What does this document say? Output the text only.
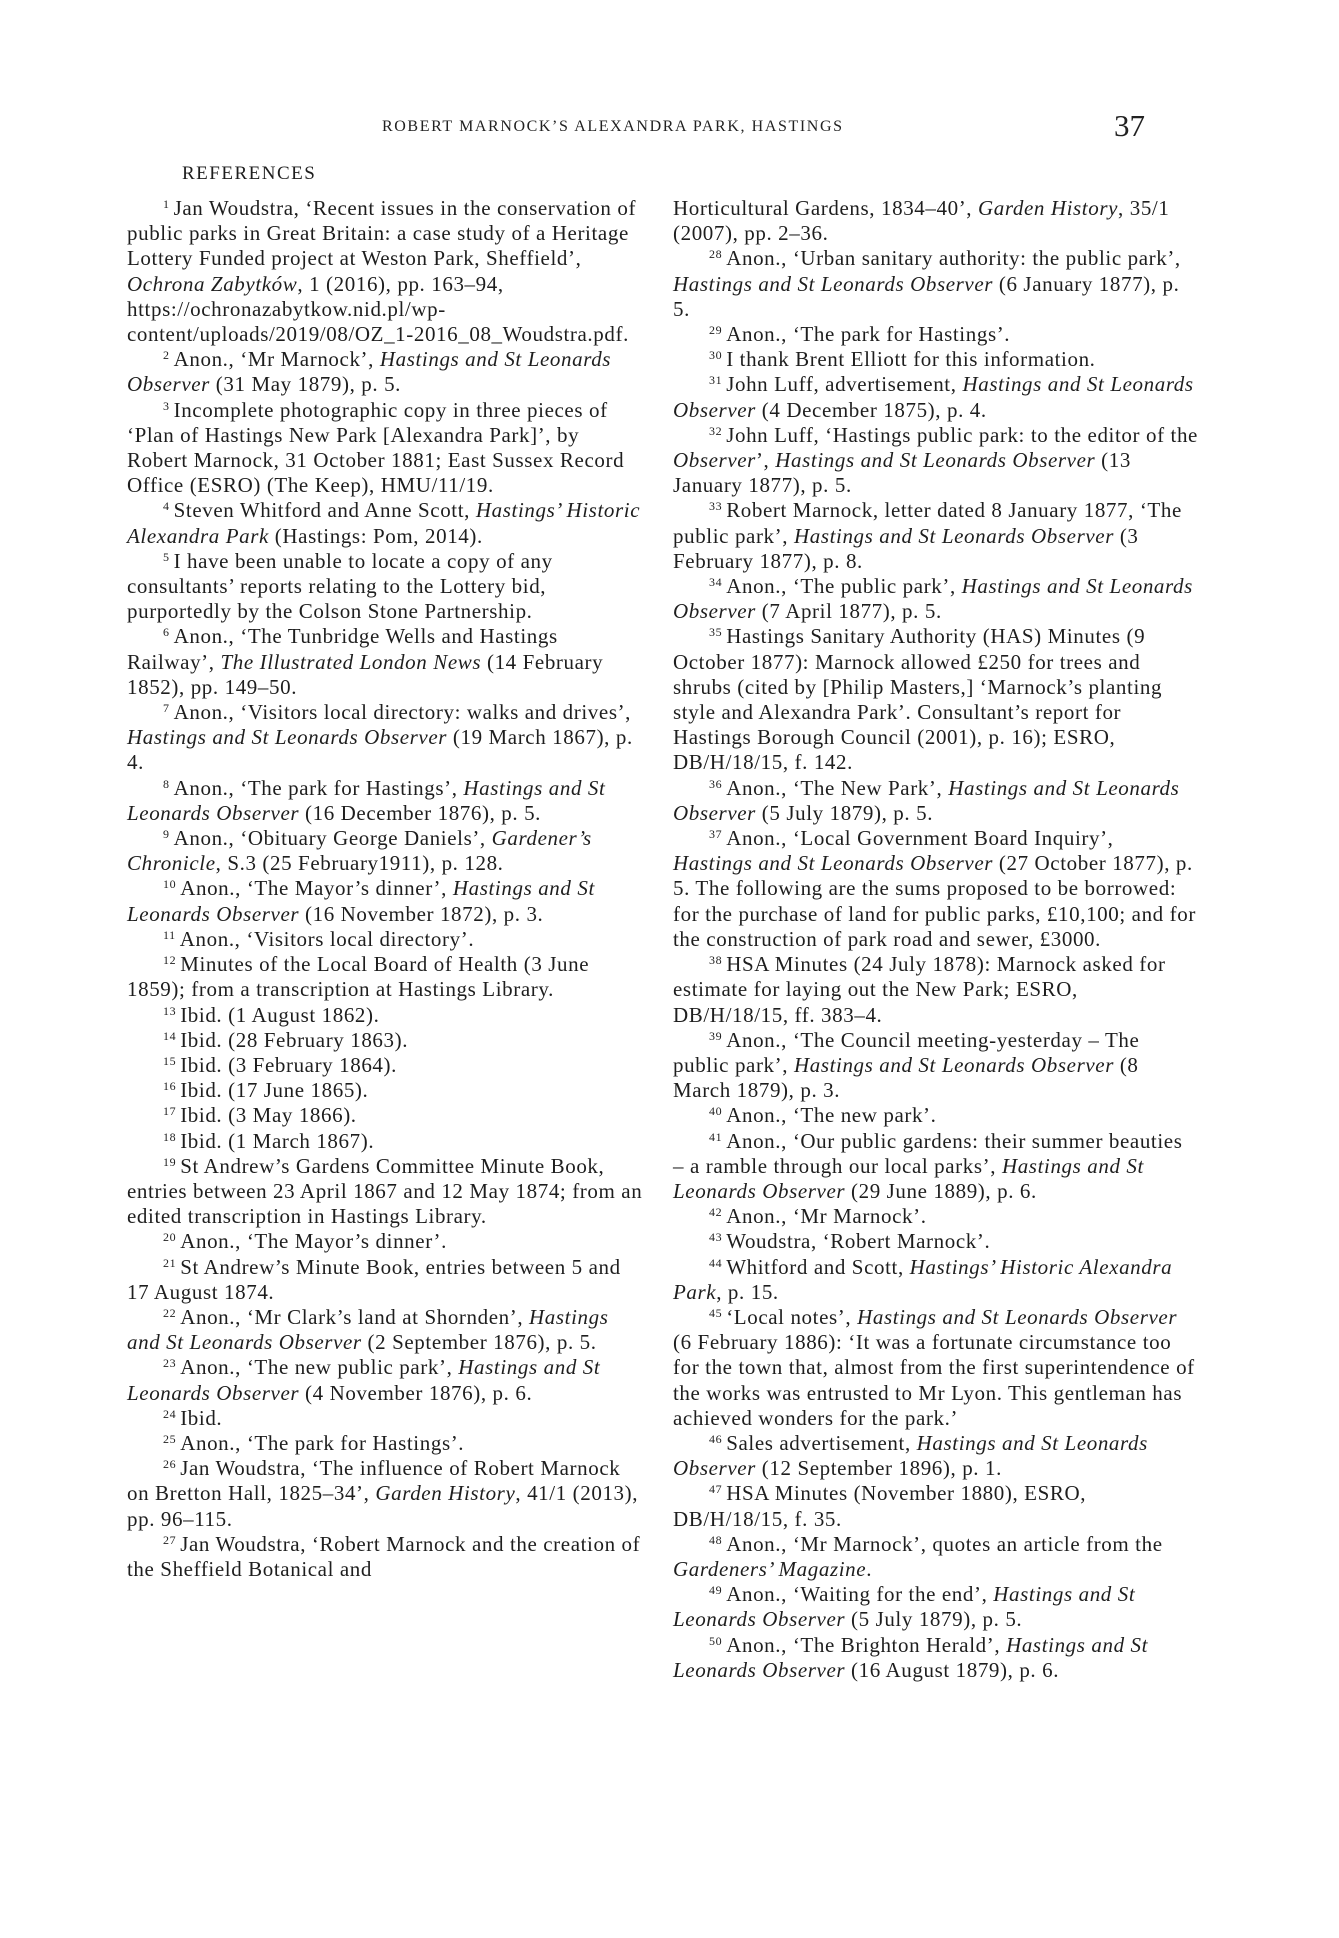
ROBERT MARNOCK’S ALEXANDRA PARK, HASTINGS	37
REFERENCES

$^1$ Jan Woudstra, ‘Recent issues in the conservation of public parks in Great Britain: a case study of a Heritage Lottery Funded project at Weston Park, Sheffield’, Ochrona Zabytków, 1 (2016), pp. 163–94, https://ochronazabytkow.nid.pl/wp-content/uploads/2019/08/OZ_1-2016_08_Woudstra.pdf.

$^2$ Anon., ‘Mr Marnock’, Hastings and St Leonards Observer (31 May 1879), p. 5.

$^3$ Incomplete photographic copy in three pieces of ‘Plan of Hastings New Park [Alexandra Park]’, by Robert Marnock, 31 October 1881; East Sussex Record Office (ESRO) (The Keep), HMU/11/19.

$^4$ Steven Whitford and Anne Scott, Hastings’ Historic Alexandra Park (Hastings: Pom, 2014).

$^5$ I have been unable to locate a copy of any consultants’ reports relating to the Lottery bid, purportedly by the Colson Stone Partnership.

$^6$ Anon., ‘The Tunbridge Wells and Hastings Railway’, The Illustrated London News (14 February 1852), pp. 149–50.

$^7$ Anon., ‘Visitors local directory: walks and drives’, Hastings and St Leonards Observer (19 March 1867), p. 4.

$^8$ Anon., ‘The park for Hastings’, Hastings and St Leonards Observer (16 December 1876), p. 5.

$^9$ Anon., ‘Obituary George Daniels’, Gardener’s Chronicle, S.3 (25 February1911), p. 128.

$^{10}$ Anon., ‘The Mayor’s dinner’, Hastings and St Leonards Observer (16 November 1872), p. 3.

$^{11}$ Anon., ‘Visitors local directory’.

$^{12}$ Minutes of the Local Board of Health (3 June 1859); from a transcription at Hastings Library.

$^{13}$ Ibid. (1 August 1862).

$^{14}$ Ibid. (28 February 1863).

$^{15}$ Ibid. (3 February 1864).

$^{16}$ Ibid. (17 June 1865).

$^{17}$ Ibid. (3 May 1866).

$^{18}$ Ibid. (1 March 1867).

$^{19}$ St Andrew’s Gardens Committee Minute Book, entries between 23 April 1867 and 12 May 1874; from an edited transcription in Hastings Library.

$^{20}$ Anon., ‘The Mayor’s dinner’.

$^{21}$ St Andrew’s Minute Book, entries between 5 and 17 August 1874.

$^{22}$ Anon., ‘Mr Clark’s land at Shornden’, Hastings and St Leonards Observer (2 September 1876), p. 5.

$^{23}$ Anon., ‘The new public park’, Hastings and St Leonards Observer (4 November 1876), p. 6.

$^{24}$ Ibid.

$^{25}$ Anon., ‘The park for Hastings’.

$^{26}$ Jan Woudstra, ‘The influence of Robert Marnock on Bretton Hall, 1825–34’, Garden History, 41/1 (2013), pp. 96–115.

$^{27}$ Jan Woudstra, ‘Robert Marnock and the creation of the Sheffield Botanical and

Horticultural Gardens, 1834–40’, Garden History, 35/1 (2007), pp. 2–36.

$^{28}$ Anon., ‘Urban sanitary authority: the public park’, Hastings and St Leonards Observer (6 January 1877), p. 5.

$^{29}$ Anon., ‘The park for Hastings’.

$^{30}$ I thank Brent Elliott for this information.

$^{31}$ John Luff, advertisement, Hastings and St Leonards Observer (4 December 1875), p. 4.

$^{32}$ John Luff, ‘Hastings public park: to the editor of the Observer’, Hastings and St Leonards Observer (13 January 1877), p. 5.

$^{33}$ Robert Marnock, letter dated 8 January 1877, ‘The public park’, Hastings and St Leonards Observer (3 February 1877), p. 8.

$^{34}$ Anon., ‘The public park’, Hastings and St Leonards Observer (7 April 1877), p. 5.

$^{35}$ Hastings Sanitary Authority (HAS) Minutes (9 October 1877): Marnock allowed £250 for trees and shrubs (cited by [Philip Masters,] ‘Marnock’s planting style and Alexandra Park’. Consultant’s report for Hastings Borough Council (2001), p. 16); ESRO, DB/H/18/15, f. 142.

$^{36}$ Anon., ‘The New Park’, Hastings and St Leonards Observer (5 July 1879), p. 5.

$^{37}$ Anon., ‘Local Government Board Inquiry’, Hastings and St Leonards Observer (27 October 1877), p. 5. The following are the sums proposed to be borrowed: for the purchase of land for public parks, £10,100; and for the construction of park road and sewer, £3000.

$^{38}$ HSA Minutes (24 July 1878): Marnock asked for estimate for laying out the New Park; ESRO, DB/H/18/15, ff. 383–4.

$^{39}$ Anon., ‘The Council meeting-yesterday – The public park’, Hastings and St Leonards Observer (8 March 1879), p. 3.

$^{40}$ Anon., ‘The new park’.

$^{41}$ Anon., ‘Our public gardens: their summer beauties – a ramble through our local parks’, Hastings and St Leonards Observer (29 June 1889), p. 6.

$^{42}$ Anon., ‘Mr Marnock’.

$^{43}$ Woudstra, ‘Robert Marnock’.

$^{44}$ Whitford and Scott, Hastings’ Historic Alexandra Park, p. 15.

$^{45}$ ‘Local notes’, Hastings and St Leonards Observer (6 February 1886): ‘It was a fortunate circumstance too for the town that, almost from the first superintendence of the works was entrusted to Mr Lyon. This gentleman has achieved wonders for the park.’

$^{46}$ Sales advertisement, Hastings and St Leonards Observer (12 September 1896), p. 1.

$^{47}$ HSA Minutes (November 1880), ESRO, DB/H/18/15, f. 35.

$^{48}$ Anon., ‘Mr Marnock’, quotes an article from the Gardeners’ Magazine.

$^{49}$ Anon., ‘Waiting for the end’, Hastings and St Leonards Observer (5 July 1879), p. 5.

$^{50}$ Anon., ‘The Brighton Herald’, Hastings and St Leonards Observer (16 August 1879), p. 6.
